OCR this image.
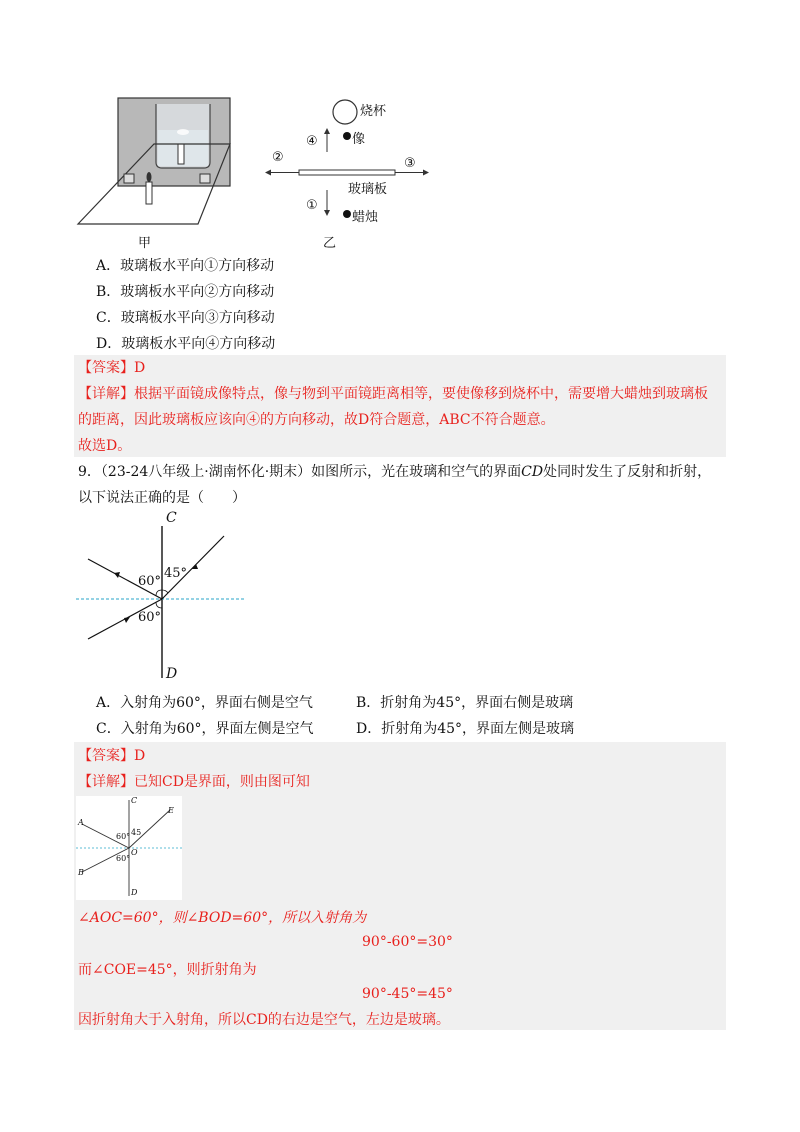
甲
烧杯
像
④
②	③
玻璃板
①
蜡烛
乙
A．玻璃板水平向①方向移动
B．玻璃板水平向②方向移动
C．玻璃板水平向③方向移动
D．玻璃板水平向④方向移动
【答案】D
【详解】根据平面镜成像特点，像与物到平面镜距离相等，要使像移到烧杯中，需要增大蜡烛到玻璃板
的距离，因此玻璃板应该向④的方向移动，故D符合题意，ABC不符合题意。
故选D。
9．（23-24八年级上·湖南怀化·期末）如图所示，光在玻璃和空气的界面CD处同时发生了反射和折射，
以下说法正确的是（　　）
C
60°
45°
60°
D
A．入射角为60°，界面右侧是空气	B．折射角为45°，界面右侧是玻璃
C．入射角为60°，界面左侧是空气	D．折射角为45°，界面左侧是玻璃
【答案】D
【详解】已知CD是界面，则由图可知
C
E
A
60° 45
O
60°
B
D
∠AOC=60°，则∠BOD=60°，所以入射角为
90°-60°=30°
而∠COE=45°，则折射角为
90°-45°=45°
因折射角大于入射角，所以CD的右边是空气，左边是玻璃。
